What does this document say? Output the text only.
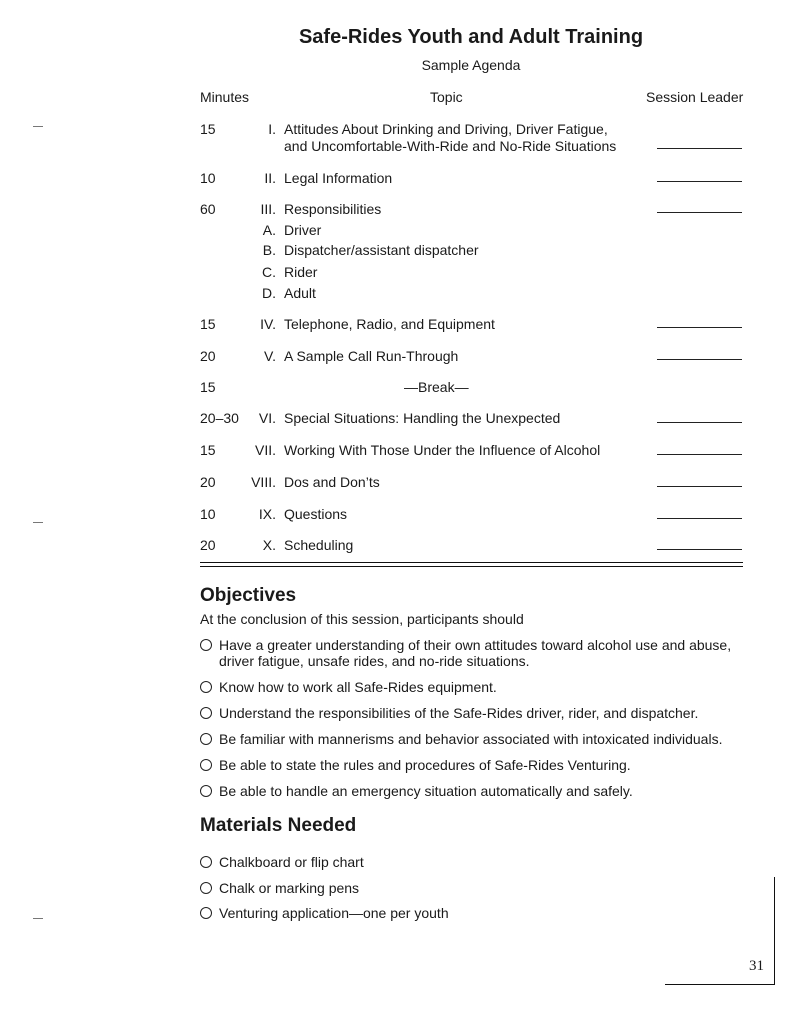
Safe-Rides Youth and Adult Training
Sample Agenda
Minutes	Topic	Session Leader
15	I. Attitudes About Drinking and Driving, Driver Fatigue, and Uncomfortable-With-Ride and No-Ride Situations
10	II. Legal Information
60	III. Responsibilities
A. Driver
B. Dispatcher/assistant dispatcher
C. Rider
D. Adult
15	IV. Telephone, Radio, and Equipment
20	V. A Sample Call Run-Through
15	—Break—
20–30 VI. Special Situations: Handling the Unexpected
15	VII. Working With Those Under the Influence of Alcohol
20	VIII. Dos and Don’ts
10	IX. Questions
20	X. Scheduling
Objectives
At the conclusion of this session, participants should
Have a greater understanding of their own attitudes toward alcohol use and abuse, driver fatigue, unsafe rides, and no-ride situations.
Know how to work all Safe-Rides equipment.
Understand the responsibilities of the Safe-Rides driver, rider, and dispatcher.
Be familiar with mannerisms and behavior associated with intoxicated individuals.
Be able to state the rules and procedures of Safe-Rides Venturing.
Be able to handle an emergency situation automatically and safely.
Materials Needed
Chalkboard or flip chart
Chalk or marking pens
Venturing application—one per youth
31
